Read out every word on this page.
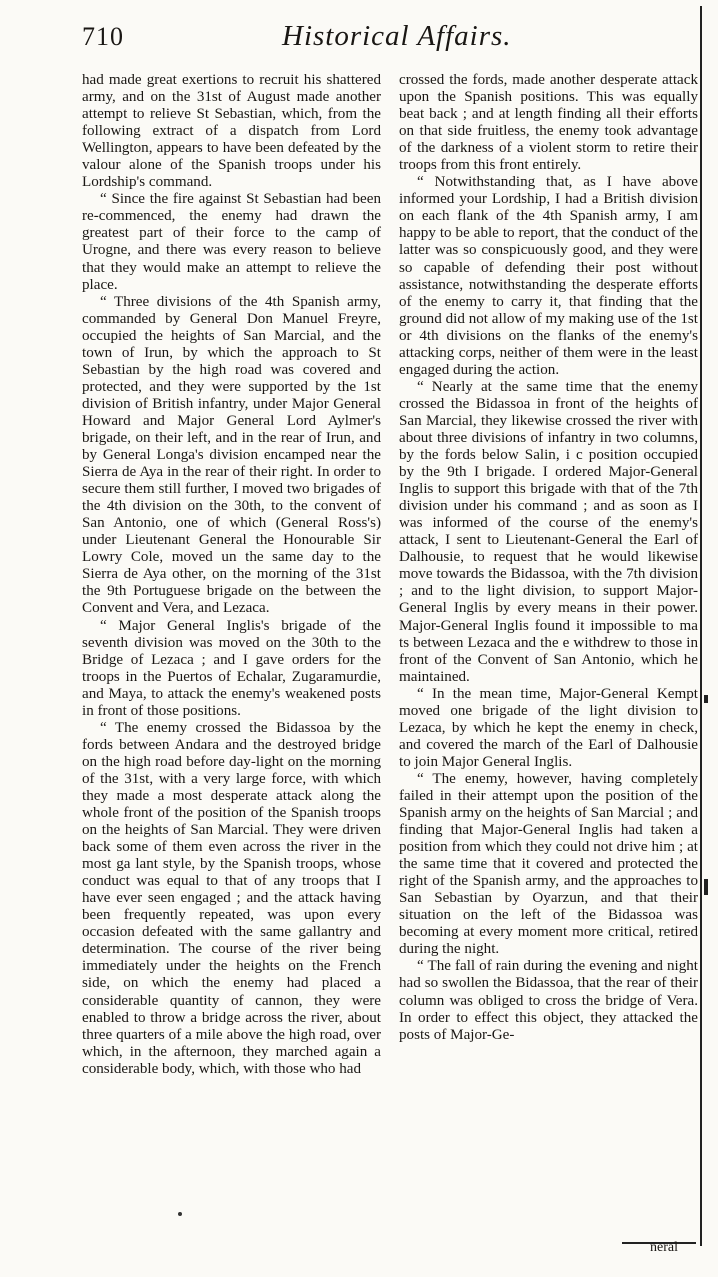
710	Historical Affairs.

had made great exertions to recruit his shattered army, and on the 31st of August made another attempt to relieve St Sebastian, which, from the following extract of a dispatch from Lord Wellington, appears to have been defeated by the valour alone of the Spanish troops under his Lordship's command.

“ Since the fire against St Sebastian had been re-commenced, the enemy had drawn the greatest part of their force to the camp of Urogne, and there was every reason to believe that they would make an attempt to relieve the place.

“ Three divisions of the 4th Spanish army, commanded by General Don Manuel Freyre, occupied the heights of San Marcial, and the town of Irun, by which the approach to St Sebastian by the high road was covered and protected, and they were supported by the 1st division of British infantry, under Major General Howard and Major General Lord Aylmer's brigade, on their left, and in the rear of Irun, and by General Longa's division encamped near the Sierra de Aya in the rear of their right. In order to secure them still further, I moved two brigades of the 4th division on the 30th, to the convent of San Antonio, one of which (General Ross's) under Lieutenant General the Honourable Sir Lowry Cole, moved un the same day to the Sierra de Aya other, on the morning of the 31st the 9th Portuguese brigade on the between the Convent and Vera, and Lezaca.

“ Major General Inglis's brigade of the seventh division was moved on the 30th to the Bridge of Lezaca ; and I gave orders for the troops in the Puertos of Echalar, Zugaramurdie, and Maya, to attack the enemy's weakened posts in front of those positions.

“ The enemy crossed the Bidassoa by the fords between Andara and the destroyed bridge on the high road before day-light on the morning of the 31st, with a very large force, with which they made a most desperate attack along the whole front of the position of the Spanish troops on the heights of San Marcial. They were driven back some of them even across the river in the most ga lant style, by the Spanish troops, whose conduct was equal to that of any troops that I have ever seen engaged ; and the attack having been frequently repeated, was upon every occasion defeated with the same gallantry and determination. The course of the river being immediately under the heights on the French side, on which the enemy had placed a considerable quantity of cannon, they were enabled to throw a bridge across the river, about three quarters of a mile above the high road, over which, in the afternoon, they marched again a considerable body, which, with those who had

crossed the fords, made another desperate attack upon the Spanish positions. This was equally beat back ; and at length finding all their efforts on that side fruitless, the enemy took advantage of the darkness of a violent storm to retire their troops from this front entirely.

“ Notwithstanding that, as I have above informed your Lordship, I had a British division on each flank of the 4th Spanish army, I am happy to be able to report, that the conduct of the latter was so conspicuously good, and they were so capable of defending their post without assistance, notwithstanding the desperate efforts of the enemy to carry it, that finding that the ground did not allow of my making use of the 1st or 4th divisions on the flanks of the enemy's attacking corps, neither of them were in the least engaged during the action.

“ Nearly at the same time that the enemy crossed the Bidassoa in front of the heights of San Marcial, they likewise crossed the river with about three divisions of infantry in two columns, by the fords below Salin, i c position occupied by the 9th I brigade. I ordered Major-General Inglis to support this brigade with that of the 7th division under his command ; and as soon as I was informed of the course of the enemy's attack, I sent to Lieutenant-General the Earl of Dalhousie, to request that he would likewise move towards the Bidassoa, with the 7th division ; and to the light division, to support Major-General Inglis by every means in their power. Major-General Inglis found it impossible to ma ts between Lezaca and the e withdrew to those in front of the Convent of San Antonio, which he maintained.

“ In the mean time, Major-General Kempt moved one brigade of the light division to Lezaca, by which he kept the enemy in check, and covered the march of the Earl of Dalhousie to join Major General Inglis.

“ The enemy, however, having completely failed in their attempt upon the position of the Spanish army on the heights of San Marcial ; and finding that Major-General Inglis had taken a position from which they could not drive him ; at the same time that it covered and protected the right of the Spanish army, and the approaches to San Sebastian by Oyarzun, and that their situation on the left of the Bidassoa was becoming at every moment more critical, retired during the night.

“ The fall of rain during the evening and night had so swollen the Bidassoa, that the rear of their column was obliged to cross the bridge of Vera. In order to effect this object, they attacked the posts of Major-Ge-

neral
